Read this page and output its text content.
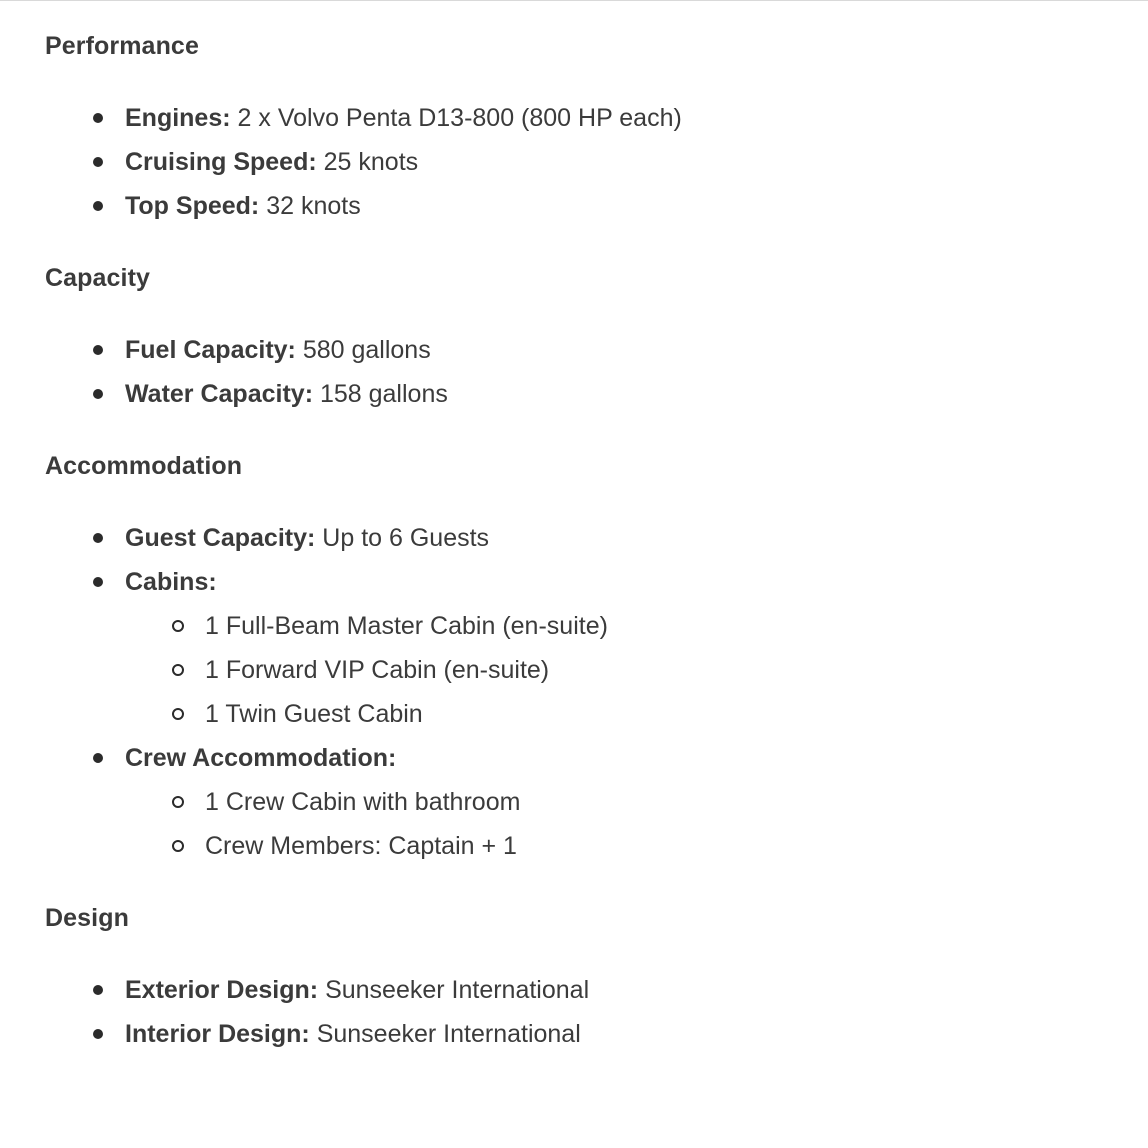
Performance
Engines: 2 x Volvo Penta D13-800 (800 HP each)
Cruising Speed: 25 knots
Top Speed: 32 knots
Capacity
Fuel Capacity: 580 gallons
Water Capacity: 158 gallons
Accommodation
Guest Capacity: Up to 6 Guests
Cabins:
1 Full-Beam Master Cabin (en-suite)
1 Forward VIP Cabin (en-suite)
1 Twin Guest Cabin
Crew Accommodation:
1 Crew Cabin with bathroom
Crew Members: Captain + 1
Design
Exterior Design: Sunseeker International
Interior Design: Sunseeker International
